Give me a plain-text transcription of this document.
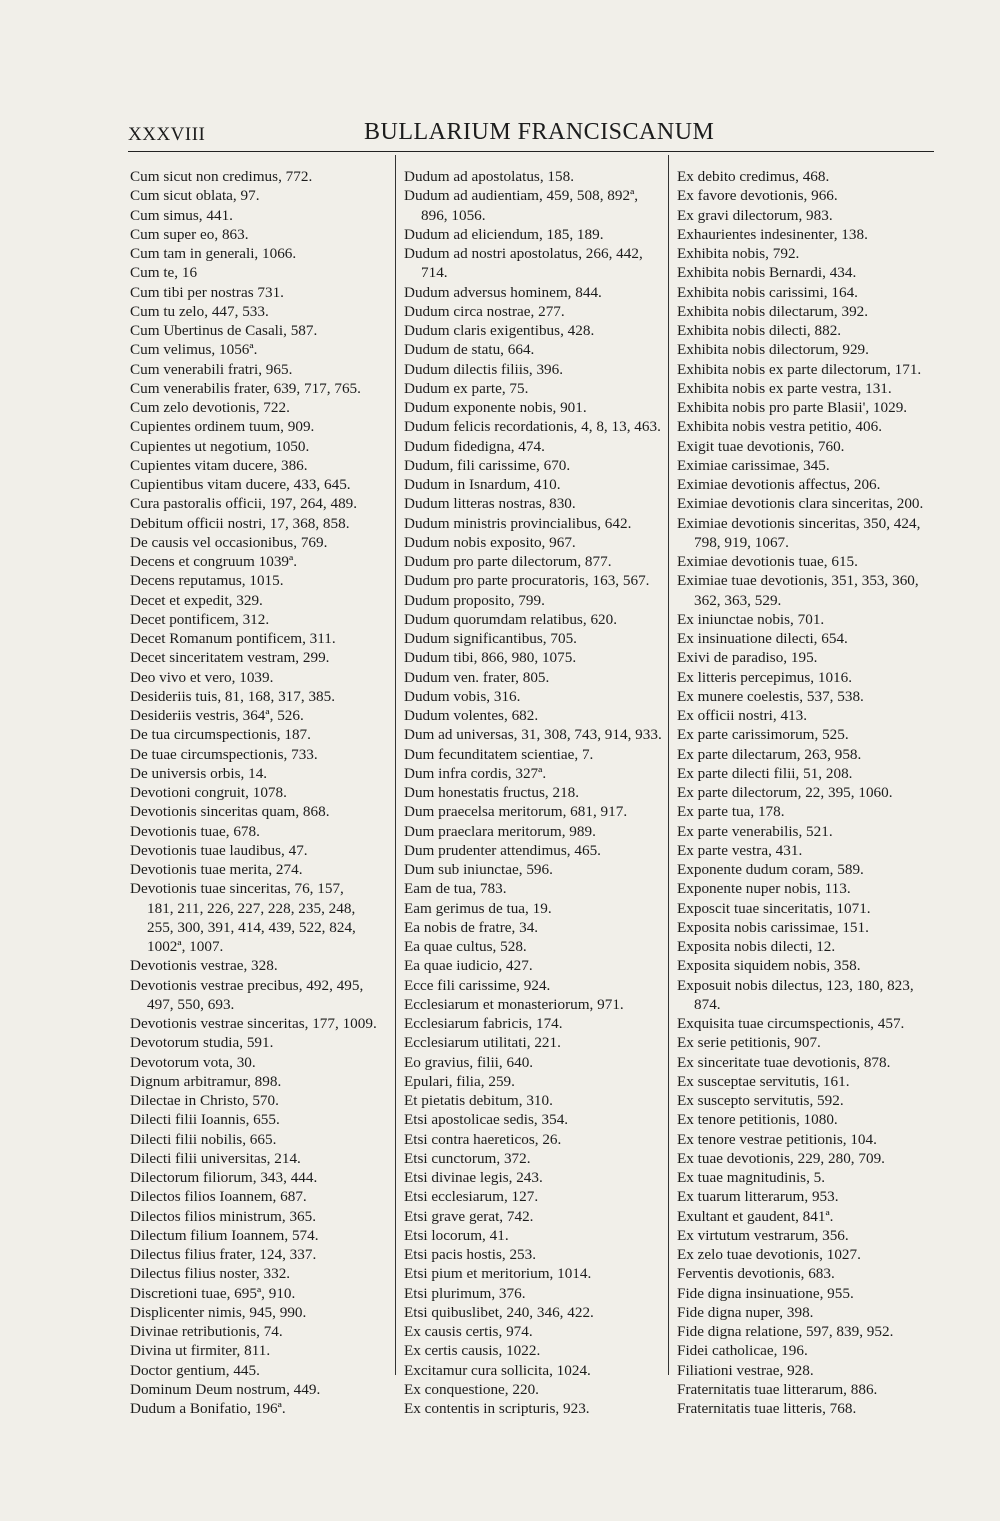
XXXVIII	BULLARIUM FRANCISCANUM
Cum sicut non credimus, 772.
Cum sicut oblata, 97.
Cum simus, 441.
Cum super eo, 863.
Cum tam in generali, 1066.
Cum te, 16
Cum tibi per nostras 731.
Cum tu zelo, 447, 533.
Cum Ubertinus de Casali, 587.
Cum velimus, 1056ª.
Cum venerabili fratri, 965.
Cum venerabilis frater, 639, 717, 765.
Cum zelo devotionis, 722.
Cupientes ordinem tuum, 909.
Cupientes ut negotium, 1050.
Cupientes vitam ducere, 386.
Cupientibus vitam ducere, 433, 645.
Cura pastoralis officii, 197, 264, 489.
Debitum officii nostri, 17, 368, 858.
De causis vel occasionibus, 769.
Decens et congruum 1039ª.
Decens reputamus, 1015.
Decet et expedit, 329.
Decet pontificem, 312.
Decet Romanum pontificem, 311.
Decet sinceritatem vestram, 299.
Deo vivo et vero, 1039.
Desideriis tuis, 81, 168, 317, 385.
Desideriis vestris, 364ª, 526.
De tua circumspectionis, 187.
De tuae circumspectionis, 733.
De universis orbis, 14.
Devotioni congruit, 1078.
Devotionis sinceritas quam, 868.
Devotionis tuae, 678.
Devotionis tuae laudibus, 47.
Devotionis tuae merita, 274.
Devotionis tuae sinceritas, 76, 157,
181, 211, 226, 227, 228, 235, 248,
255, 300, 391, 414, 439, 522, 824,
1002ª, 1007.
Devotionis vestrae, 328.
Devotionis vestrae precibus, 492, 495,
497, 550, 693.
Devotionis vestrae sinceritas, 177, 1009.
Devotorum studia, 591.
Devotorum vota, 30.
Dignum arbitramur, 898.
Dilectae in Christo, 570.
Dilecti filii Ioannis, 655.
Dilecti filii nobilis, 665.
Dilecti filii universitas, 214.
Dilectorum filiorum, 343, 444.
Dilectos filios Ioannem, 687.
Dilectos filios ministrum, 365.
Dilectum filium Ioannem, 574.
Dilectus filius frater, 124, 337.
Dilectus filius noster, 332.
Discretioni tuae, 695ª, 910.
Displicenter nimis, 945, 990.
Divinae retributionis, 74.
Divina ut firmiter, 811.
Doctor gentium, 445.
Dominum Deum nostrum, 449.
Dudum a Bonifatio, 196ª.
Dudum ad apostolatus, 158.
Dudum ad audientiam, 459, 508, 892ª,
896, 1056.
Dudum ad eliciendum, 185, 189.
Dudum ad nostri apostolatus, 266, 442,
714.
Dudum adversus hominem, 844.
Dudum circa nostrae, 277.
Dudum claris exigentibus, 428.
Dudum de statu, 664.
Dudum dilectis filiis, 396.
Dudum ex parte, 75.
Dudum exponente nobis, 901.
Dudum felicis recordationis, 4, 8, 13, 463.
Dudum fidedigna, 474.
Dudum, fili carissime, 670.
Dudum in Isnardum, 410.
Dudum litteras nostras, 830.
Dudum ministris provincialibus, 642.
Dudum nobis exposito, 967.
Dudum pro parte dilectorum, 877.
Dudum pro parte procuratoris, 163, 567.
Dudum proposito, 799.
Dudum quorumdam relatibus, 620.
Dudum significantibus, 705.
Dudum tibi, 866, 980, 1075.
Dudum ven. frater, 805.
Dudum vobis, 316.
Dudum volentes, 682.
Dum ad universas, 31, 308, 743, 914, 933.
Dum fecunditatem scientiae, 7.
Dum infra cordis, 327ª.
Dum honestatis fructus, 218.
Dum praecelsa meritorum, 681, 917.
Dum praeclara meritorum, 989.
Dum prudenter attendimus, 465.
Dum sub iniunctae, 596.
Eam de tua, 783.
Eam gerimus de tua, 19.
Ea nobis de fratre, 34.
Ea quae cultus, 528.
Ea quae iudicio, 427.
Ecce fili carissime, 924.
Ecclesiarum et monasteriorum, 971.
Ecclesiarum fabricis, 174.
Ecclesiarum utilitati, 221.
Eo gravius, filii, 640.
Epulari, filia, 259.
Et pietatis debitum, 310.
Etsi apostolicae sedis, 354.
Etsi contra haereticos, 26.
Etsi cunctorum, 372.
Etsi divinae legis, 243.
Etsi ecclesiarum, 127.
Etsi grave gerat, 742.
Etsi locorum, 41.
Etsi pacis hostis, 253.
Etsi pium et meritorium, 1014.
Etsi plurimum, 376.
Etsi quibuslibet, 240, 346, 422.
Ex causis certis, 974.
Ex certis causis, 1022.
Excitamur cura sollicita, 1024.
Ex conquestione, 220.
Ex contentis in scripturis, 923.
Ex debito credimus, 468.
Ex favore devotionis, 966.
Ex gravi dilectorum, 983.
Exhaurientes indesinenter, 138.
Exhibita nobis, 792.
Exhibita nobis Bernardi, 434.
Exhibita nobis carissimi, 164.
Exhibita nobis dilectarum, 392.
Exhibita nobis dilecti, 882.
Exhibita nobis dilectorum, 929.
Exhibita nobis ex parte dilectorum, 171.
Exhibita nobis ex parte vestra, 131.
Exhibita nobis pro parte Blasii', 1029.
Exhibita nobis vestra petitio, 406.
Exigit tuae devotionis, 760.
Eximiae carissimae, 345.
Eximiae devotionis affectus, 206.
Eximiae devotionis clara sinceritas, 200.
Eximiae devotionis sinceritas, 350, 424,
798, 919, 1067.
Eximiae devotionis tuae, 615.
Eximiae tuae devotionis, 351, 353, 360,
362, 363, 529.
Ex iniunctae nobis, 701.
Ex insinuatione dilecti, 654.
Exivi de paradiso, 195.
Ex litteris percepimus, 1016.
Ex munere coelestis, 537, 538.
Ex officii nostri, 413.
Ex parte carissimorum, 525.
Ex parte dilectarum, 263, 958.
Ex parte dilecti filii, 51, 208.
Ex parte dilectorum, 22, 395, 1060.
Ex parte tua, 178.
Ex parte venerabilis, 521.
Ex parte vestra, 431.
Exponente dudum coram, 589.
Exponente nuper nobis, 113.
Exposcit tuae sinceritatis, 1071.
Exposita nobis carissimae, 151.
Exposita nobis dilecti, 12.
Exposita siquidem nobis, 358.
Exposuit nobis dilectus, 123, 180, 823,
874.
Exquisita tuae circumspectionis, 457.
Ex serie petitionis, 907.
Ex sinceritate tuae devotionis, 878.
Ex susceptae servitutis, 161.
Ex suscepto servitutis, 592.
Ex tenore petitionis, 1080.
Ex tenore vestrae petitionis, 104.
Ex tuae devotionis, 229, 280, 709.
Ex tuae magnitudinis, 5.
Ex tuarum litterarum, 953.
Exultant et gaudent, 841ª.
Ex virtutum vestrarum, 356.
Ex zelo tuae devotionis, 1027.
Ferventis devotionis, 683.
Fide digna insinuatione, 955.
Fide digna nuper, 398.
Fide digna relatione, 597, 839, 952.
Fidei catholicae, 196.
Filiationi vestrae, 928.
Fraternitatis tuae litterarum, 886.
Fraternitatis tuae litteris, 768.
